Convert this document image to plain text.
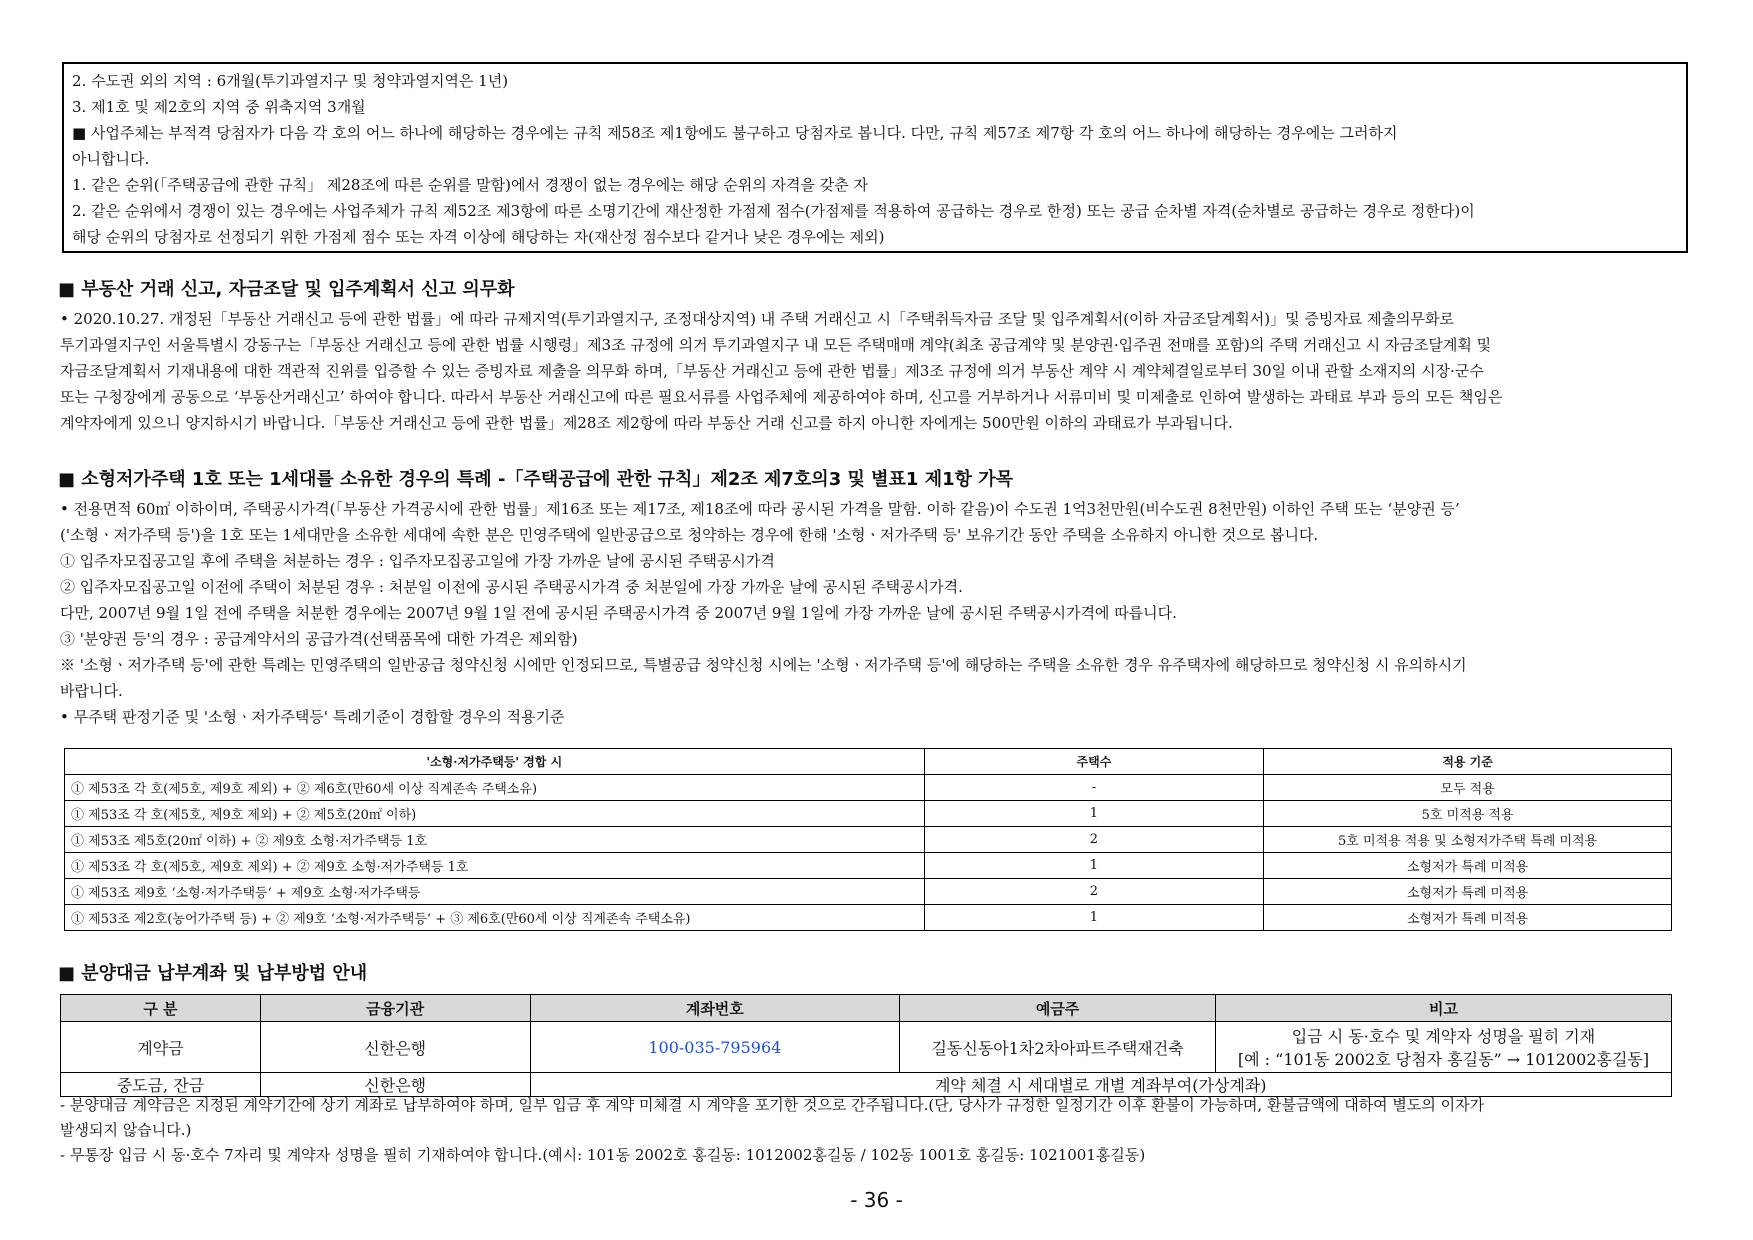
2. 수도권 외의 지역 : 6개월(투기과열지구 및 청약과열지역은 1년)
3. 제1호 및 제2호의 지역 중 위축지역 3개월
■ 사업주체는 부적격 당첨자가 다음 각 호의 어느 하나에 해당하는 경우에는 규칙 제58조 제1항에도 불구하고 당첨자로 봅니다. 다만, 규칙 제57조 제7항 각 호의 어느 하나에 해당하는 경우에는 그러하지
아니합니다.
1. 같은 순위(「주택공급에 관한 규칙」 제28조에 따른 순위를 말함)에서 경쟁이 없는 경우에는 해당 순위의 자격을 갖춘 자
2. 같은 순위에서 경쟁이 있는 경우에는 사업주체가 규칙 제52조 제3항에 따른 소명기간에 재산정한 가점제 점수(가점제를 적용하여 공급하는 경우로 한정) 또는 공급 순차별 자격(순차별로 공급하는 경우로 정한다)이
해당 순위의 당첨자로 선정되기 위한 가점제 점수 또는 자격 이상에 해당하는 자(재산정 점수보다 같거나 낮은 경우에는 제외)
■ 부동산 거래 신고, 자금조달 및 입주계획서 신고 의무화
• 2020.10.27. 개정된「부동산 거래신고 등에 관한 법률」에 따라 규제지역(투기과열지구, 조정대상지역) 내 주택 거래신고 시「주택취득자금 조달 및 입주계획서(이하 자금조달계획서)」및 증빙자료 제출의무화로
투기과열지구인 서울특별시 강동구는「부동산 거래신고 등에 관한 법률 시행령」제3조 규정에 의거 투기과열지구 내 모든 주택매매 계약(최초 공급계약 및 분양권·입주권 전매를 포함)의 주택 거래신고 시 자금조달계획 및
자금조달계획서 기재내용에 대한 객관적 진위를 입증할 수 있는 증빙자료 제출을 의무화 하며,「부동산 거래신고 등에 관한 법률」제3조 규정에 의거 부동산 계약 시 계약체결일로부터 30일 이내 관할 소재지의 시장·군수
또는 구청장에게 공동으로 ‘부동산거래신고’ 하여야 합니다. 따라서 부동산 거래신고에 따른 필요서류를 사업주체에 제공하여야 하며, 신고를 거부하거나 서류미비 및 미제출로 인하여 발생하는 과태료 부과 등의 모든 책임은
계약자에게 있으니 양지하시기 바랍니다.「부동산 거래신고 등에 관한 법률」제28조 제2항에 따라 부동산 거래 신고를 하지 아니한 자에게는 500만원 이하의 과태료가 부과됩니다.
■ 소형저가주택 1호 또는 1세대를 소유한 경우의 특례 -「주택공급에 관한 규칙」제2조 제7호의3 및 별표1 제1항 가목
• 전용면적 60㎡ 이하이며, 주택공시가격(「부동산 가격공시에 관한 법률」제16조 또는 제17조, 제18조에 따라 공시된 가격을 말함. 이하 같음)이 수도권 1억3천만원(비수도권 8천만원) 이하인 주택 또는 ‘분양권 등’
('소형ㆍ저가주택 등')을 1호 또는 1세대만을 소유한 세대에 속한 분은 민영주택에 일반공급으로 청약하는 경우에 한해 '소형ㆍ저가주택 등' 보유기간 동안 주택을 소유하지 아니한 것으로 봅니다.
① 입주자모집공고일 후에 주택을 처분하는 경우 : 입주자모집공고일에 가장 가까운 날에 공시된 주택공시가격
② 입주자모집공고일 이전에 주택이 처분된 경우 : 처분일 이전에 공시된 주택공시가격 중 처분일에 가장 가까운 날에 공시된 주택공시가격.
다만, 2007년 9월 1일 전에 주택을 처분한 경우에는 2007년 9월 1일 전에 공시된 주택공시가격 중 2007년 9월 1일에 가장 가까운 날에 공시된 주택공시가격에 따릅니다.
③ '분양권 등'의 경우 : 공급계약서의 공급가격(선택품목에 대한 가격은 제외함)
※ '소형ㆍ저가주택 등'에 관한 특례는 민영주택의 일반공급 청약신청 시에만 인정되므로, 특별공급 청약신청 시에는 '소형ㆍ저가주택 등'에 해당하는 주택을 소유한 경우 유주택자에 해당하므로 청약신청 시 유의하시기
바랍니다.
• 무주택 판정기준 및 '소형ㆍ저가주택등' 특례기준이 경합할 경우의 적용기준
'소형·저가주택등' 경합 시	주택수	적용 기준
① 제53조 각 호(제5호, 제9호 제외) + ② 제6호(만60세 이상 직계존속 주택소유)	-	모두 적용
① 제53조 각 호(제5호, 제9호 제외) + ② 제5호(20㎡ 이하)	1	5호 미적용 적용
① 제53조 제5호(20㎡ 이하) + ② 제9호 소형·저가주택등 1호	2	5호 미적용 적용 및 소형저가주택 특례 미적용
① 제53조 각 호(제5호, 제9호 제외) + ② 제9호 소형·저가주택등 1호	1	소형저가 특례 미적용
① 제53조 제9호 ‘소형·저가주택등‘ + 제9호 소형·저가주택등	2	소형저가 특례 미적용
① 제53조 제2호(농어가주택 등) + ② 제9호 ‘소형·저가주택등‘ + ③ 제6호(만60세 이상 직계존속 주택소유)	1	소형저가 특례 미적용
■ 분양대금 납부계좌 및 납부방법 안내
구 분	금융기관	계좌번호	예금주	비고
계약금	신한은행	100-035-795964	길동신동아1차2차아파트주택재건축	입금 시 동·호수 및 계약자 성명을 필히 기재
[예 : “101동 2002호 당첨자 홍길동” → 1012002홍길동]

중도금, 잔금	신한은행	계약 체결 시 세대별로 개별 계좌부여(가상계좌)		
- 분양대금 계약금은 지정된 계약기간에 상기 계좌로 납부하여야 하며, 일부 입금 후 계약 미체결 시 계약을 포기한 것으로 간주됩니다.(단, 당사가 규정한 일정기간 이후 환불이 가능하며, 환불금액에 대하여 별도의 이자가
발생되지 않습니다.)
- 무통장 입금 시 동·호수 7자리 및 계약자 성명을 필히 기재하여야 합니다.(예시: 101동 2002호 홍길동: 1012002홍길동 / 102동 1001호 홍길동: 1021001홍길동)
- 36 -
